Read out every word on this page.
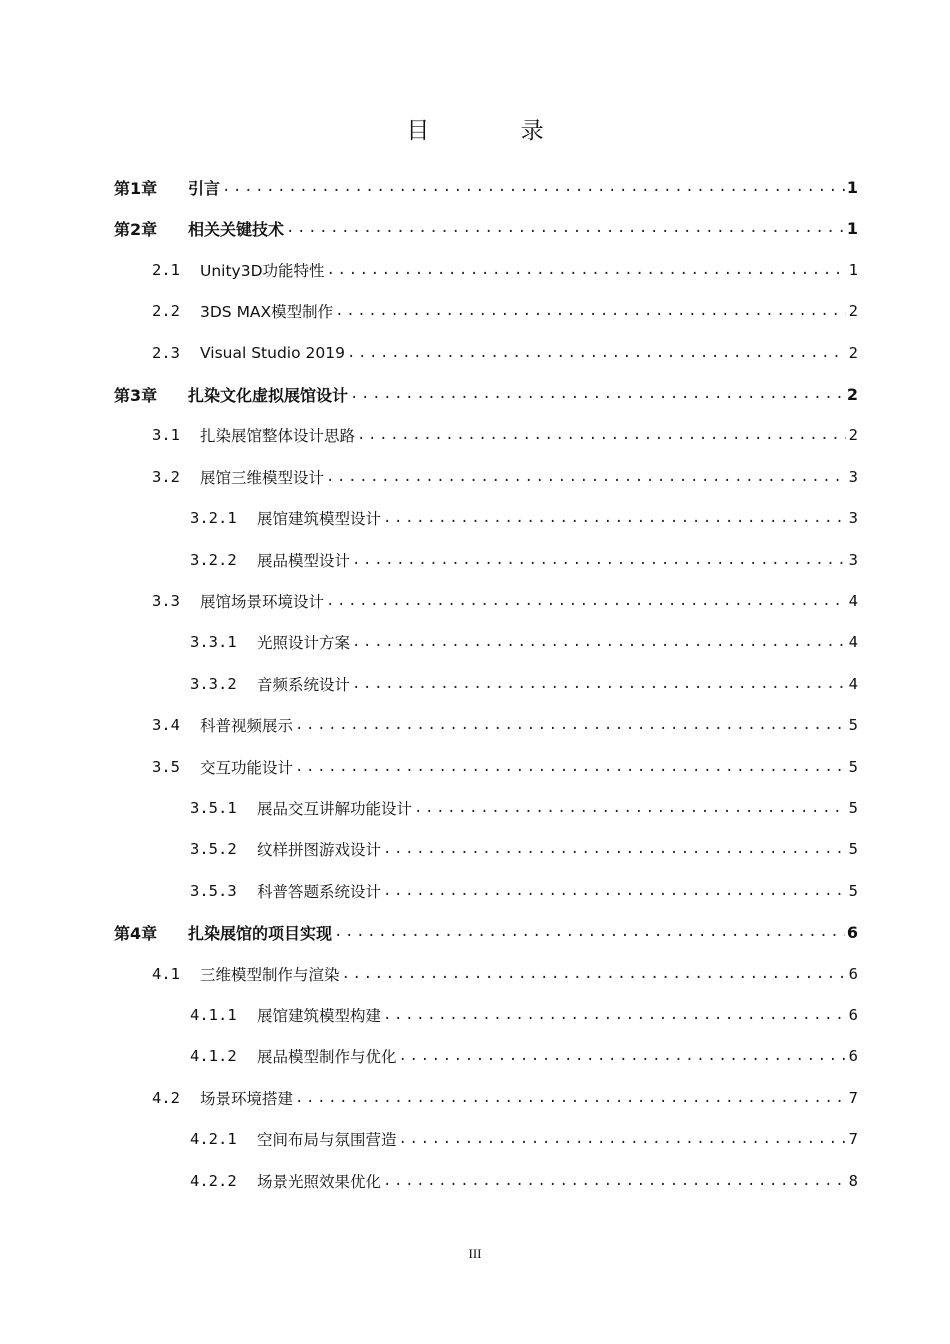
目 录
第1章	引言 .....	1
第2章	相关关键技术 .....	1
2.1	Unity3D功能特性 .....	1
2.2	3DS MAX模型制作 .....	2
2.3	Visual Studio 2019 .....	2
第3章	扎染文化虚拟展馆设计 .....	2
3.1	扎染展馆整体设计思路 .....	2
3.2	展馆三维模型设计 .....	3
3.2.1	展馆建筑模型设计 .....	3
3.2.2	展品模型设计 .....	3
3.3	展馆场景环境设计 .....	4
3.3.1	光照设计方案 .....	4
3.3.2	音频系统设计 .....	4
3.4	科普视频展示 .....	5
3.5	交互功能设计 .....	5
3.5.1	展品交互讲解功能设计 .....	5
3.5.2	纹样拼图游戏设计 .....	5
3.5.3	科普答题系统设计 .....	5
第4章	扎染展馆的项目实现 .....	6
4.1	三维模型制作与渲染 .....	6
4.1.1	展馆建筑模型构建 .....	6
4.1.2	展品模型制作与优化 .....	6
4.2	场景环境搭建 .....	7
4.2.1	空间布局与氛围营造 .....	7
4.2.2	场景光照效果优化 .....	8
III
